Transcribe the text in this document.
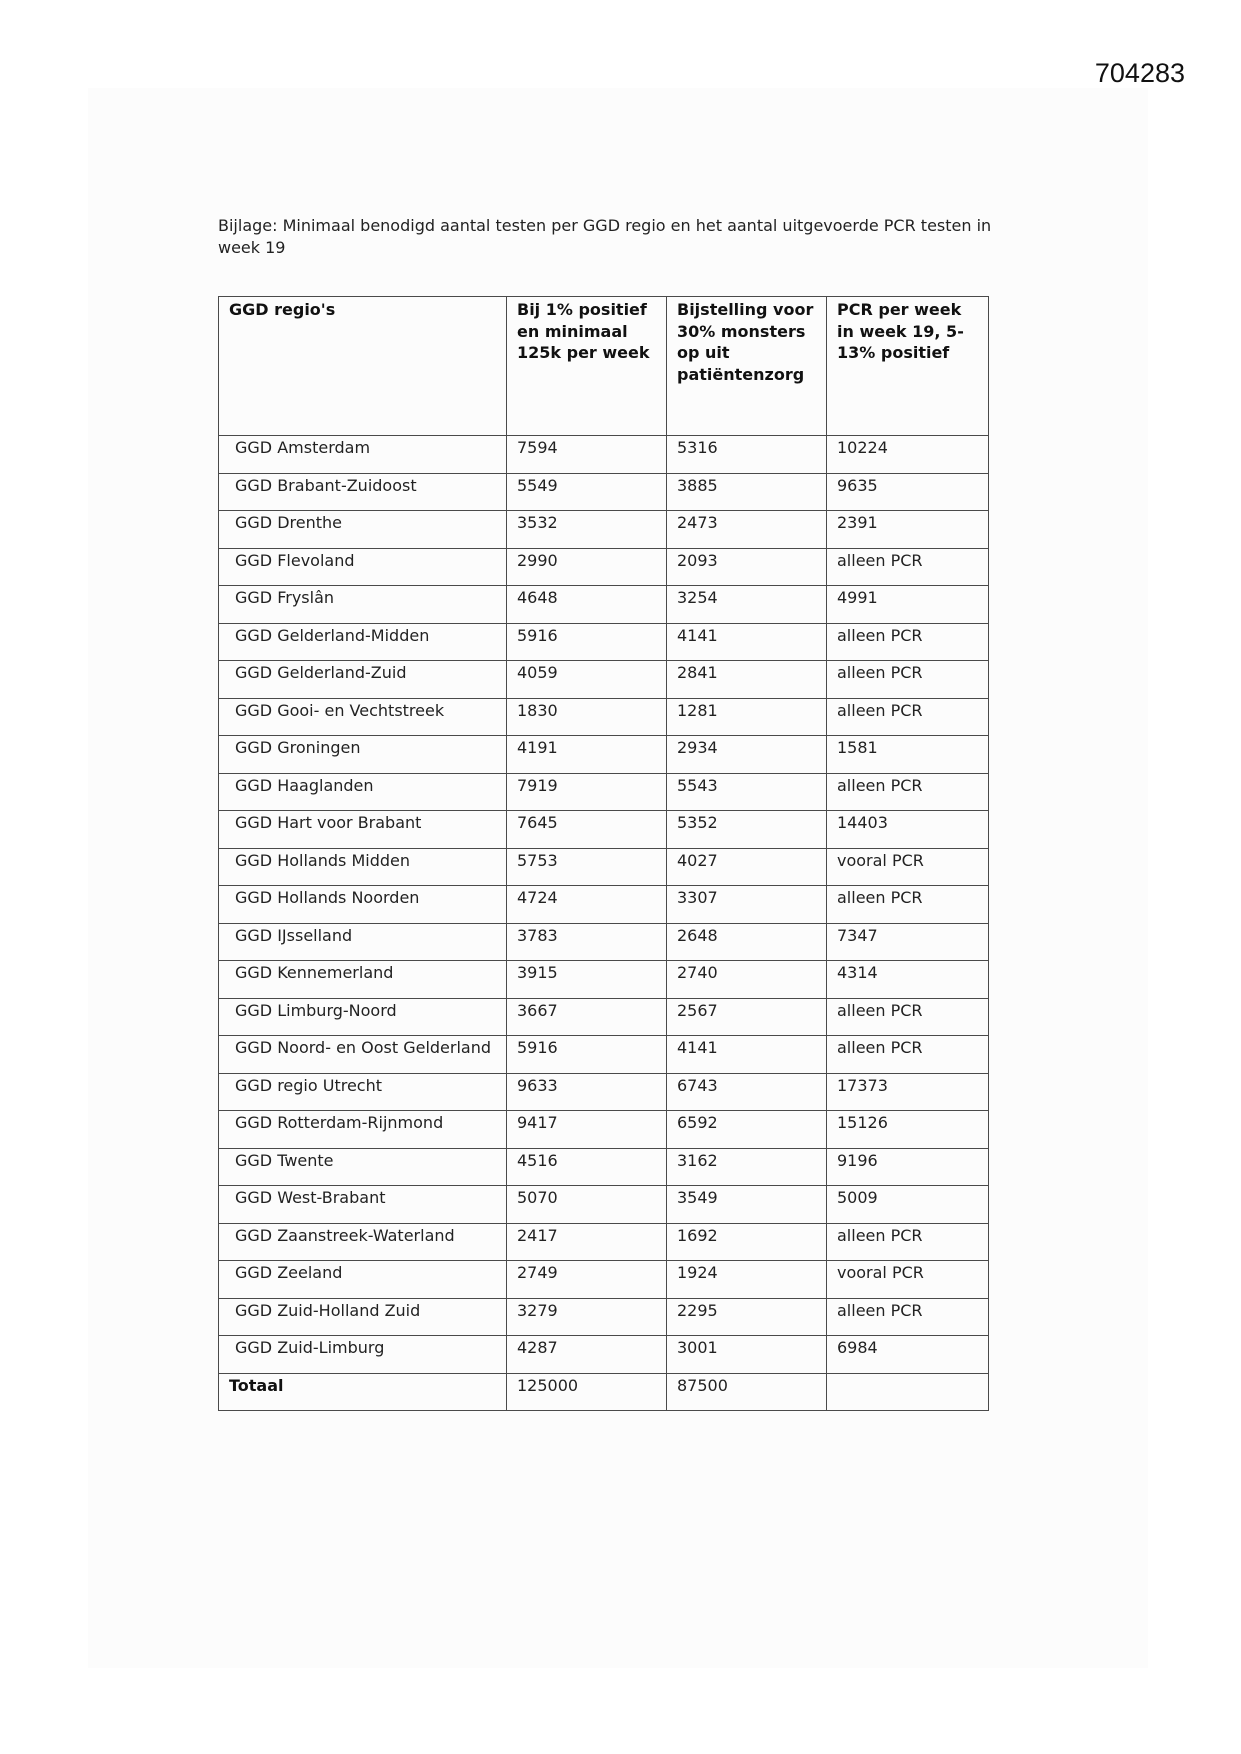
704283

Bijlage: Minimaal benodigd aantal testen per GGD regio en het aantal uitgevoerde PCR testen in week 19

GGD regio's	Bij 1% positief en minimaal 125k per week	Bijstelling voor 30% monsters op uit patiëntenzorg	PCR per week in week 19, 5-13% positief
GGD Amsterdam	7594	5316	10224
GGD Brabant-Zuidoost	5549	3885	9635
GGD Drenthe	3532	2473	2391
GGD Flevoland	2990	2093	alleen PCR
GGD Fryslân	4648	3254	4991
GGD Gelderland-Midden	5916	4141	alleen PCR
GGD Gelderland-Zuid	4059	2841	alleen PCR
GGD Gooi- en Vechtstreek	1830	1281	alleen PCR
GGD Groningen	4191	2934	1581
GGD Haaglanden	7919	5543	alleen PCR
GGD Hart voor Brabant	7645	5352	14403
GGD Hollands Midden	5753	4027	vooral PCR
GGD Hollands Noorden	4724	3307	alleen PCR
GGD IJsselland	3783	2648	7347
GGD Kennemerland	3915	2740	4314
GGD Limburg-Noord	3667	2567	alleen PCR
GGD Noord- en Oost Gelderland	5916	4141	alleen PCR
GGD regio Utrecht	9633	6743	17373
GGD Rotterdam-Rijnmond	9417	6592	15126
GGD Twente	4516	3162	9196
GGD West-Brabant	5070	3549	5009
GGD Zaanstreek-Waterland	2417	1692	alleen PCR
GGD Zeeland	2749	1924	vooral PCR
GGD Zuid-Holland Zuid	3279	2295	alleen PCR
GGD Zuid-Limburg	4287	3001	6984
Totaal	125000	87500	
